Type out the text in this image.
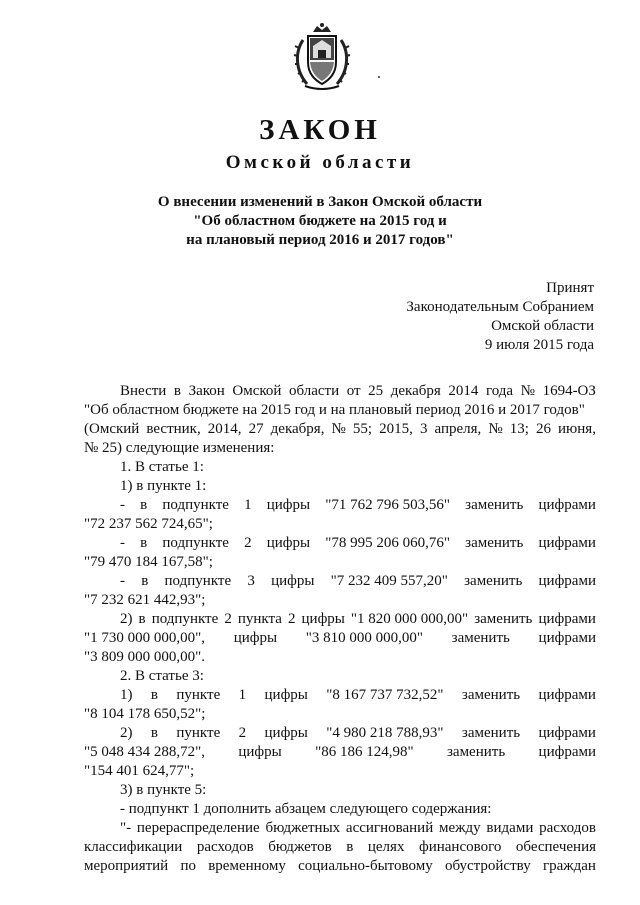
ЗАКОН
Омской области
О внесении изменений в Закон Омской области
"Об областном бюджете на 2015 год и
на плановый период 2016 и 2017 годов"
Принят
Законодательным Собранием
Омской области
9 июля 2015 года
Внести в Закон Омской области от 25 декабря 2014 года № 1694-ОЗ
"Об областном бюджете на 2015 год и на плановый период 2016 и 2017 годов"
(Омский вестник, 2014, 27 декабря, № 55; 2015, 3 апреля, № 13; 26 июня,
№ 25) следующие изменения:
1. В статье 1:
1) в пункте 1:
- в подпункте 1 цифры "71 762 796 503,56" заменить цифрами
"72 237 562 724,65";
- в подпункте 2 цифры "78 995 206 060,76" заменить цифрами
"79 470 184 167,58";
- в подпункте 3 цифры "7 232 409 557,20" заменить цифрами
"7 232 621 442,93";
2) в подпункте 2 пункта 2 цифры "1 820 000 000,00" заменить цифрами
"1 730 000 000,00", цифры "3 810 000 000,00" заменить цифрами
"3 809 000 000,00".
2. В статье 3:
1) в пункте 1 цифры "8 167 737 732,52" заменить цифрами
"8 104 178 650,52";
2) в пункте 2 цифры "4 980 218 788,93" заменить цифрами
"5 048 434 288,72", цифры "86 186 124,98" заменить цифрами
"154 401 624,77";
3) в пункте 5:
- подпункт 1 дополнить абзацем следующего содержания:
"- перераспределение бюджетных ассигнований между видами расходов
классификации расходов бюджетов в целях финансового обеспечения
мероприятий по временному социально-бытовому обустройству граждан
